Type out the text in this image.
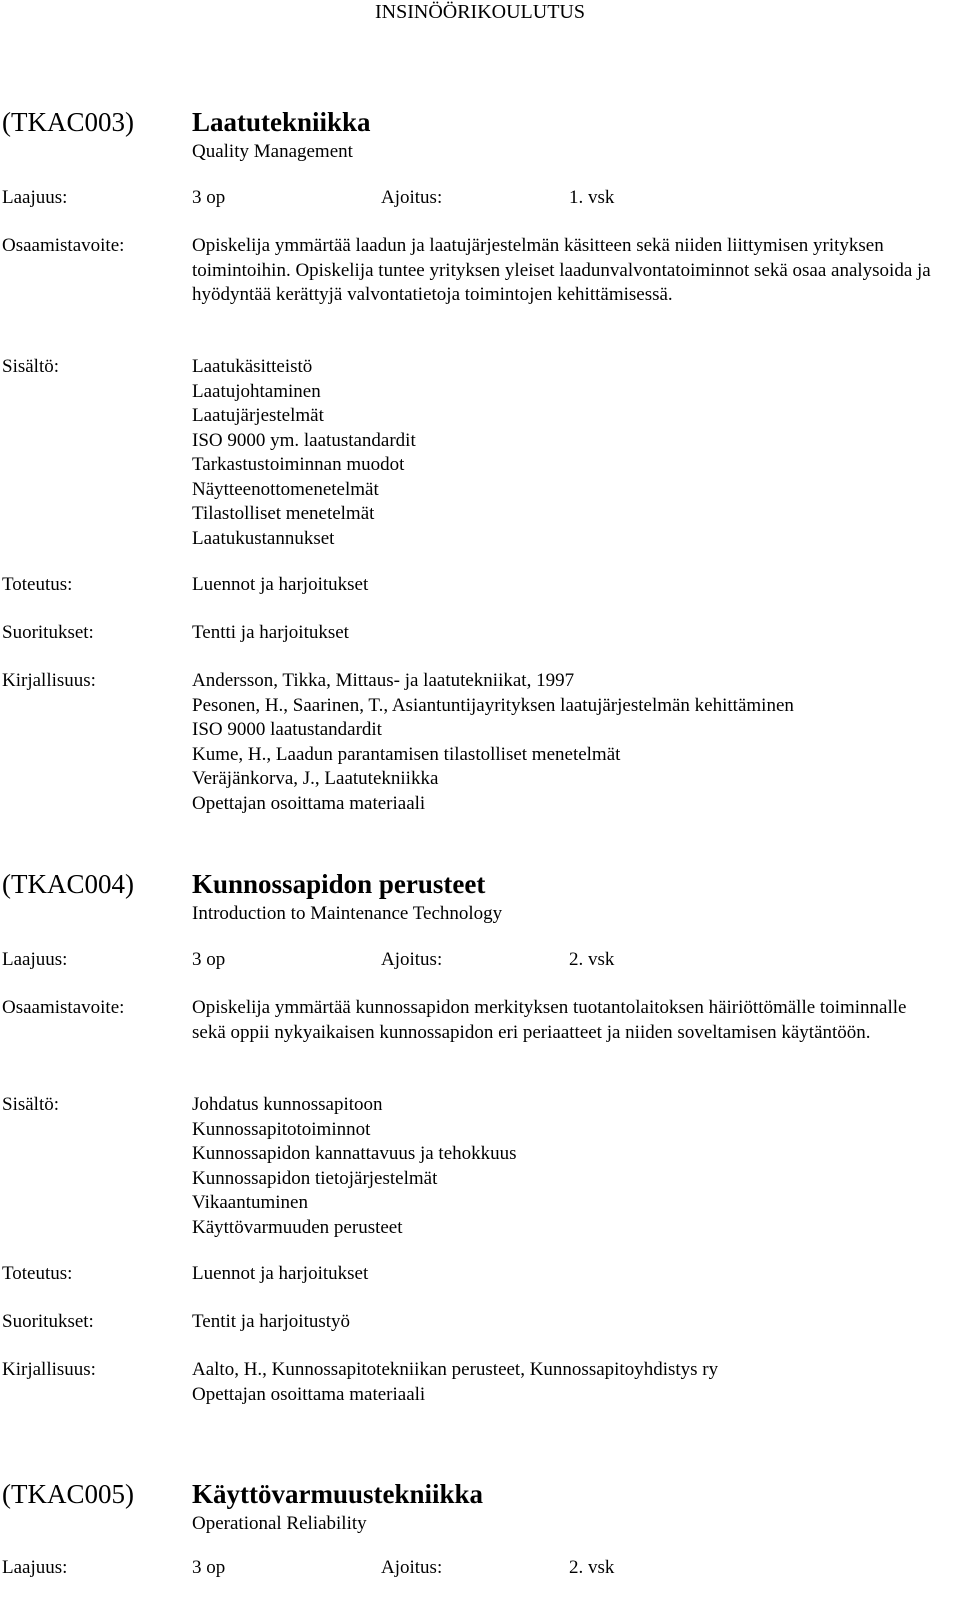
INSINÖÖRIKOULUTUS
(TKAC003) Laatutekniikka
Quality Management
Laajuus:	3 op	Ajoitus:	1. vsk
Osaamistavoite:	Opiskelija ymmärtää laadun ja laatujärjestelmän käsitteen sekä niiden liittymisen yrityksen toimintoihin. Opiskelija tuntee yrityksen yleiset laadunvalvontatoiminnot sekä osaa analysoida ja hyödyntää kerättyjä valvontatietoja toimintojen kehittämisessä.
Sisältö:	Laatukäsitteistö
Laatujohtaminen
Laatujärjestelmät
ISO 9000 ym. laatustandardit
Tarkastustoiminnan muodot
Näytteenottomenetelmät
Tilastolliset menetelmät
Laatukustannukset
Toteutus:	Luennot ja harjoitukset
Suoritukset:	Tentti ja harjoitukset
Kirjallisuus:	Andersson, Tikka, Mittaus- ja laatutekniikat, 1997
Pesonen, H., Saarinen, T., Asiantuntijayrityksen laatujärjestelmän kehittäminen
ISO 9000 laatustandardit
Kume, H., Laadun parantamisen tilastolliset menetelmät
Veräjänkorva, J., Laatutekniikka
Opettajan osoittama materiaali
(TKAC004) Kunnossapidon perusteet
Introduction to Maintenance Technology
Laajuus:	3 op	Ajoitus:	2. vsk
Osaamistavoite:	Opiskelija ymmärtää kunnossapidon merkityksen tuotantolaitoksen häiriöttömälle toiminnalle sekä oppii nykyaikaisen kunnossapidon eri periaatteet ja niiden soveltamisen käytäntöön.
Sisältö:	Johdatus kunnossapitoon
Kunnossapitotoiminnot
Kunnossapidon kannattavuus ja tehokkuus
Kunnossapidon tietojärjestelmät
Vikaantuminen
Käyttövarmuuden perusteet
Toteutus:	Luennot ja harjoitukset
Suoritukset:	Tentit ja harjoitustyö
Kirjallisuus:	Aalto, H., Kunnossapitotekniikan perusteet, Kunnossapitoyhdistys ry
Opettajan osoittama materiaali
(TKAC005) Käyttövarmuustekniikka
Operational Reliability
Laajuus:	3 op	Ajoitus:	2. vsk
